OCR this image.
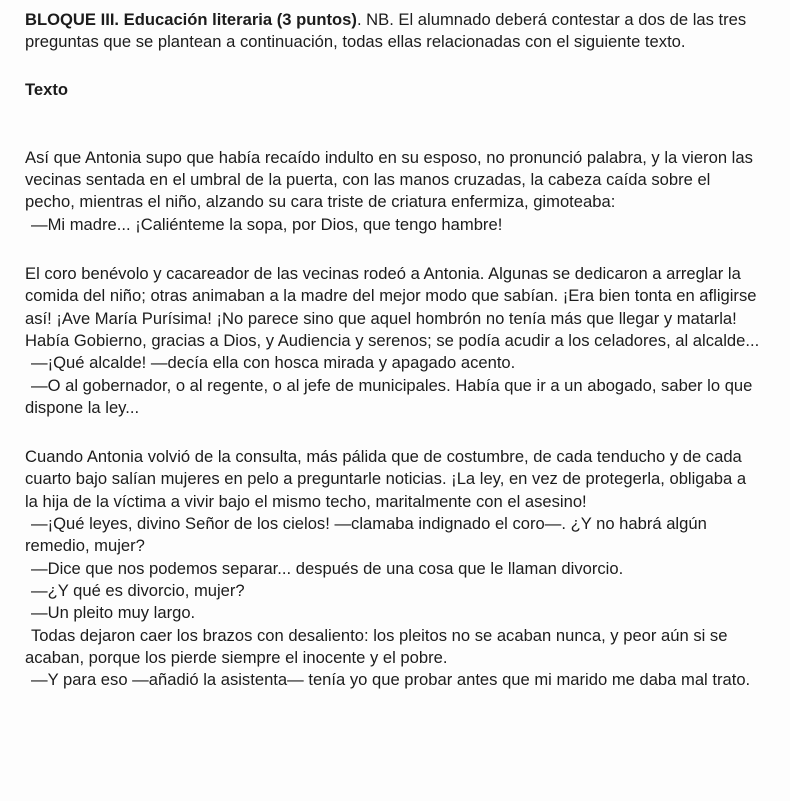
BLOQUE III. Educación literaria (3 puntos). NB. El alumnado deberá contestar a dos de las tres preguntas que se plantean a continuación, todas ellas relacionadas con el siguiente texto.

Texto
Así que Antonia supo que había recaído indulto en su esposo, no pronunció palabra, y la vieron las vecinas sentada en el umbral de la puerta, con las manos cruzadas, la cabeza caída sobre el pecho, mientras el niño, alzando su cara triste de criatura enfermiza, gimoteaba:
—Mi madre... ¡Caliénteme la sopa, por Dios, que tengo hambre!
El coro benévolo y cacareador de las vecinas rodeó a Antonia. Algunas se dedicaron a arreglar la comida del niño; otras animaban a la madre del mejor modo que sabían. ¡Era bien tonta en afligirse así! ¡Ave María Purísima! ¡No parece sino que aquel hombrón no tenía más que llegar y matarla! Había Gobierno, gracias a Dios, y Audiencia y serenos; se podía acudir a los celadores, al alcalde...
—¡Qué alcalde! —decía ella con hosca mirada y apagado acento.
—O al gobernador, o al regente, o al jefe de municipales. Había que ir a un abogado, saber lo que dispone la ley...
Cuando Antonia volvió de la consulta, más pálida que de costumbre, de cada tenducho y de cada cuarto bajo salían mujeres en pelo a preguntarle noticias. ¡La ley, en vez de protegerla, obligaba a la hija de la víctima a vivir bajo el mismo techo, maritalmente con el asesino!
—¡Qué leyes, divino Señor de los cielos! —clamaba indignado el coro—. ¿Y no habrá algún remedio, mujer?
—Dice que nos podemos separar... después de una cosa que le llaman divorcio.
—¿Y qué es divorcio, mujer?
—Un pleito muy largo.
Todas dejaron caer los brazos con desaliento: los pleitos no se acaban nunca, y peor aún si se acaban, porque los pierde siempre el inocente y el pobre.
—Y para eso —añadió la asistenta— tenía yo que probar antes que mi marido me daba mal trato.
